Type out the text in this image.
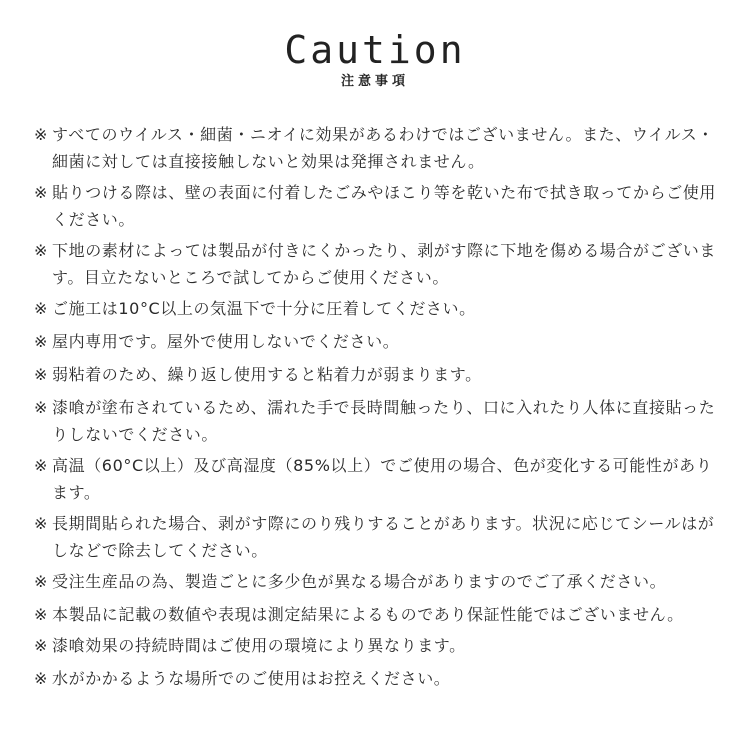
Caution
注意事項
※ すべてのウイルス・細菌・ニオイに効果があるわけではございません。また、ウイルス・細菌に対しては直接接触しないと効果は発揮されません。
※ 貼りつける際は、壁の表面に付着したごみやほこり等を乾いた布で拭き取ってからご使用ください。
※ 下地の素材によっては製品が付きにくかったり、剥がす際に下地を傷める場合がございます。目立たないところで試してからご使用ください。
※ ご施工は10°C以上の気温下で十分に圧着してください。
※ 屋内専用です。屋外で使用しないでください。
※ 弱粘着のため、繰り返し使用すると粘着力が弱まります。
※ 漆喰が塗布されているため、濡れた手で長時間触ったり、口に入れたり人体に直接貼ったりしないでください。
※ 高温（60°C以上）及び高湿度（85%以上）でご使用の場合、色が変化する可能性があります。
※ 長期間貼られた場合、剥がす際にのり残りすることがあります。状況に応じてシールはがしなどで除去してください。
※ 受注生産品の為、製造ごとに多少色が異なる場合がありますのでご了承ください。
※ 本製品に記載の数値や表現は測定結果によるものであり保証性能ではございません。
※ 漆喰効果の持続時間はご使用の環境により異なります。
※ 水がかかるような場所でのご使用はお控えください。
